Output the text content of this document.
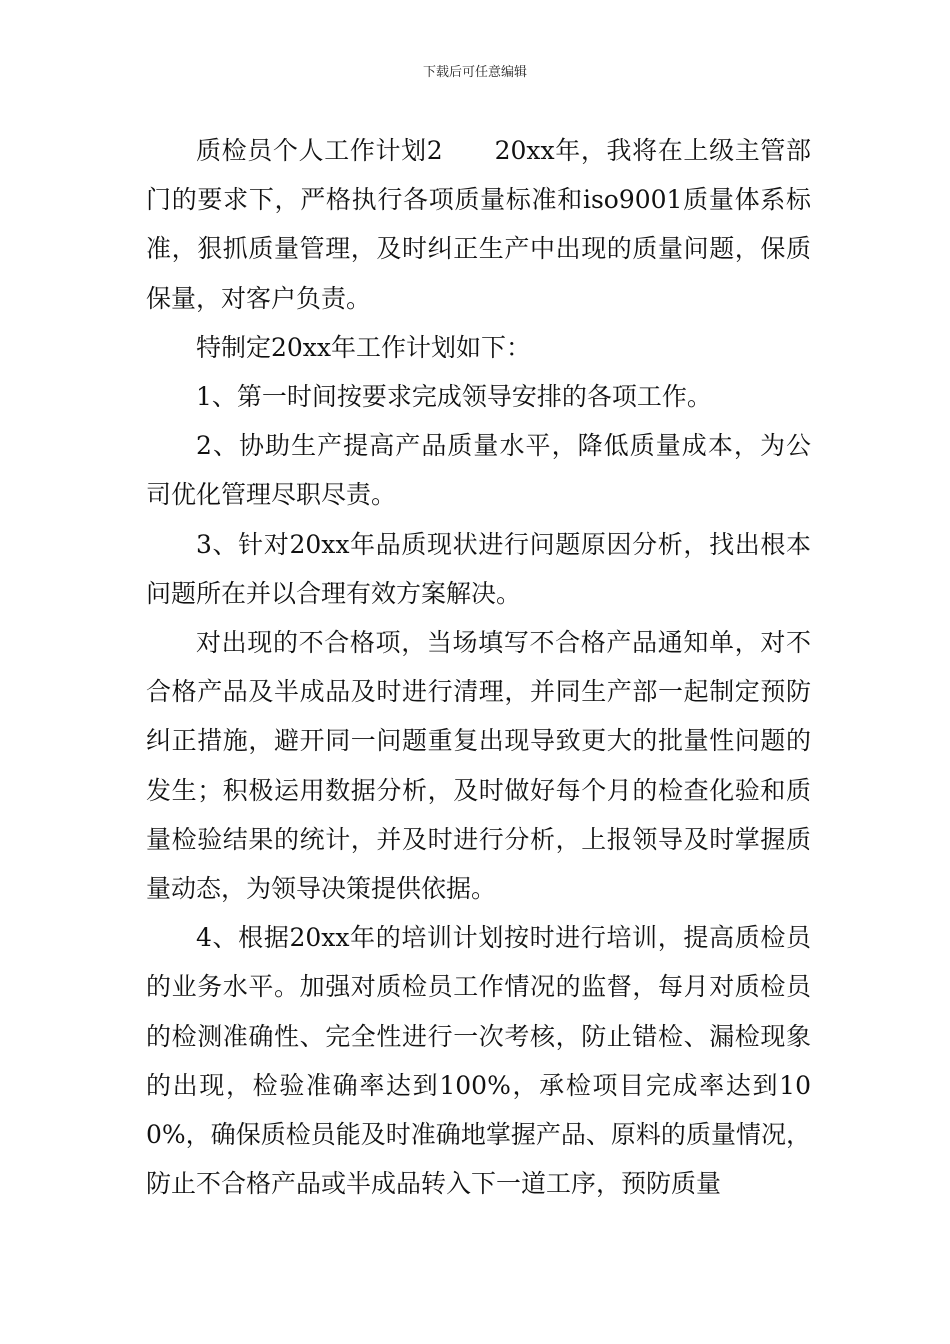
下载后可任意编辑

质检员个人工作计划2　　20xx年，我将在上级主管部门的要求下，严格执行各项质量标准和iso9001质量体系标准，狠抓质量管理，及时纠正生产中出现的质量问题，保质保量，对客户负责。

特制定20xx年工作计划如下：

1、第一时间按要求完成领导安排的各项工作。

2、协助生产提高产品质量水平，降低质量成本，为公司优化管理尽职尽责。

3、针对20xx年品质现状进行问题原因分析，找出根本问题所在并以合理有效方案解决。

对出现的不合格项，当场填写不合格产品通知单，对不合格产品及半成品及时进行清理，并同生产部一起制定预防纠正措施，避开同一问题重复出现导致更大的批量性问题的发生；积极运用数据分析，及时做好每个月的检查化验和质量检验结果的统计，并及时进行分析，上报领导及时掌握质量动态，为领导决策提供依据。

4、根据20xx年的培训计划按时进行培训，提高质检员的业务水平。加强对质检员工作情况的监督，每月对质检员的检测准确性、完全性进行一次考核，防止错检、漏检现象的出现，检验准确率达到100%，承检项目完成率达到100%，确保质检员能及时准确地掌握产品、原料的质量情况，防止不合格产品或半成品转入下一道工序，预防质量
